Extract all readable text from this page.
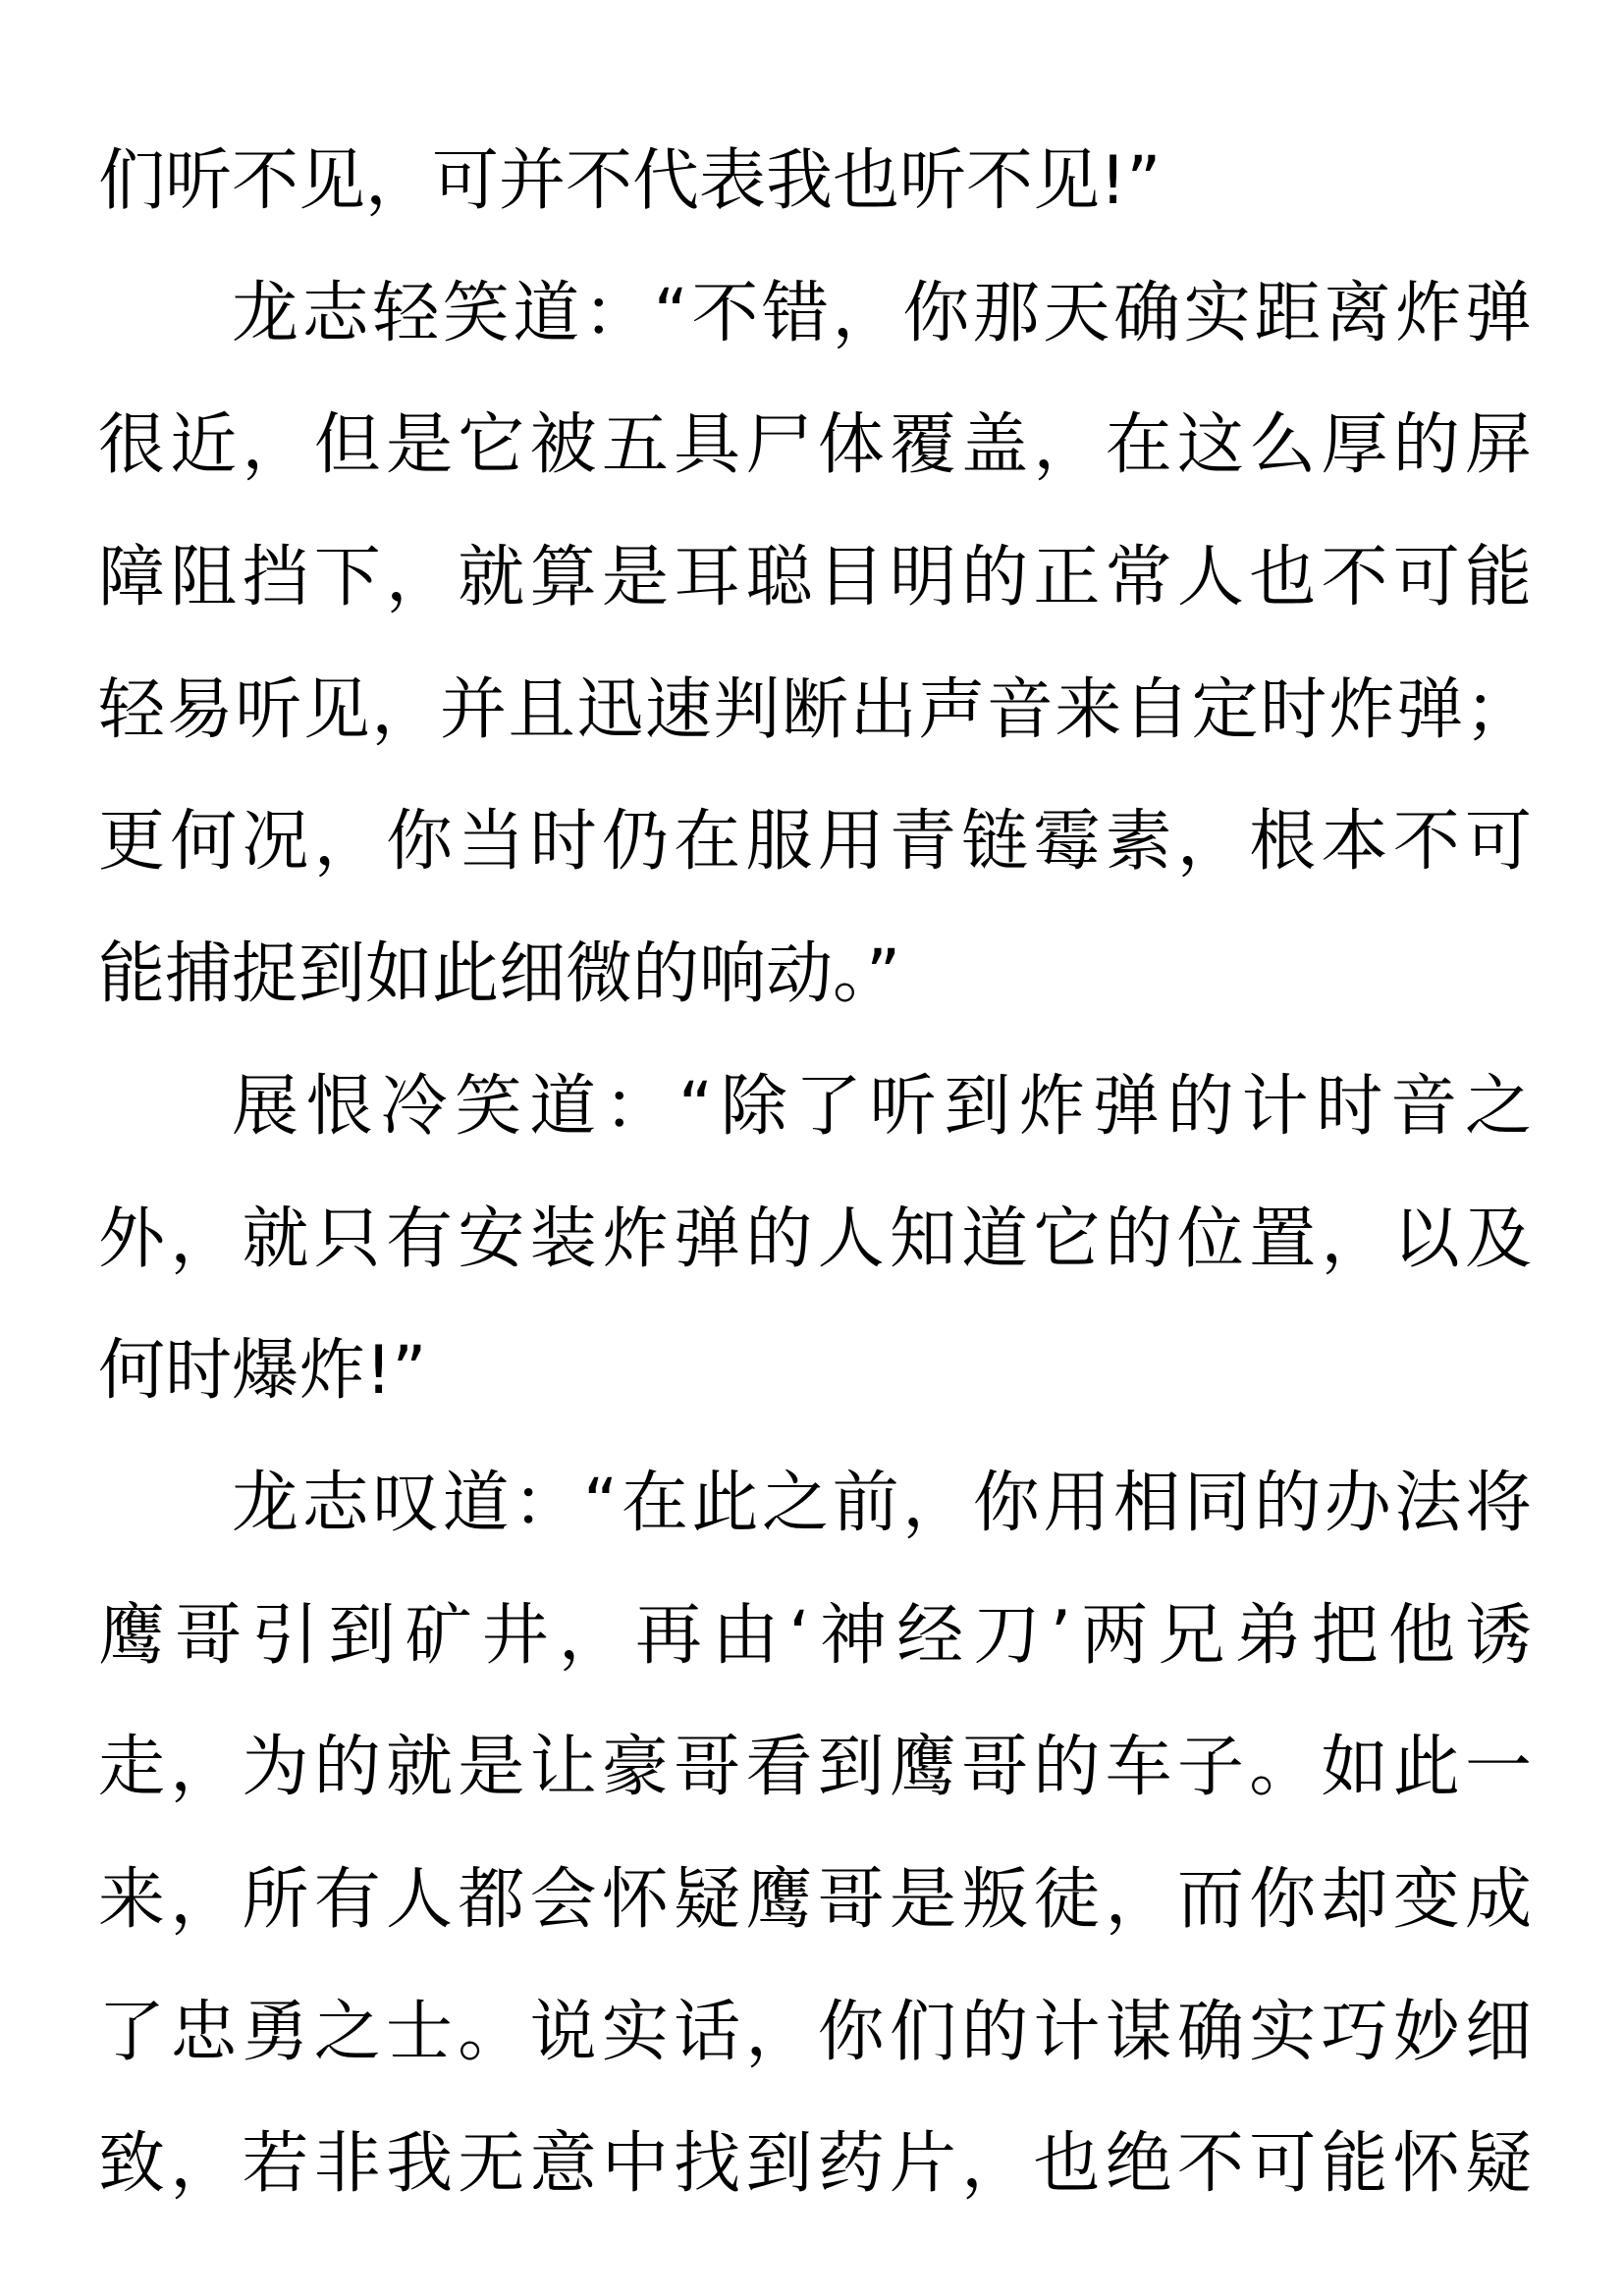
们听不见，可并不代表我也听不见!”
龙志轻笑道：“不错，你那天确实距离炸弹
很近，但是它被五具尸体覆盖，在这么厚的屏
障阻挡下，就算是耳聪目明的正常人也不可能
轻易听见，并且迅速判断出声音来自定时炸弹；
更何况，你当时仍在服用青链霉素，根本不可
能捕捉到如此细微的响动。”
展恨冷笑道：“除了听到炸弹的计时音之
外，就只有安装炸弹的人知道它的位置，以及
何时爆炸!”
龙志叹道：“在此之前，你用相同的办法将
鹰哥引到矿井，再由‘神经刀’两兄弟把他诱
走，为的就是让豪哥看到鹰哥的车子。如此一
来，所有人都会怀疑鹰哥是叛徒，而你却变成
了忠勇之士。说实话，你们的计谋确实巧妙细
致，若非我无意中找到药片，也绝不可能怀疑
